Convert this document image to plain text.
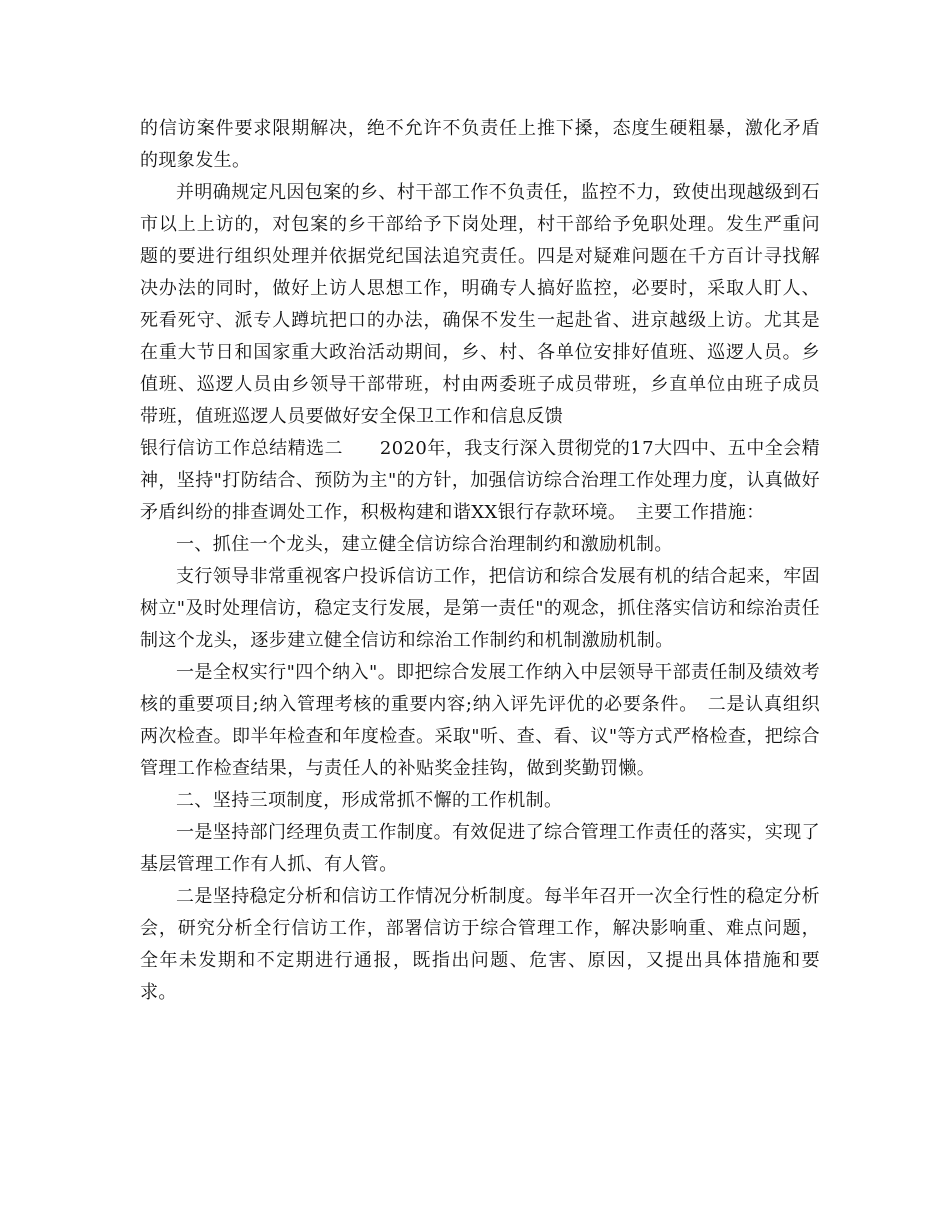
的信访案件要求限期解决，绝不允许不负责任上推下搡，态度生硬粗暴，激化矛盾的现象发生。

并明确规定凡因包案的乡、村干部工作不负责任，监控不力，致使出现越级到石市以上上访的，对包案的乡干部给予下岗处理，村干部给予免职处理。发生严重问题的要进行组织处理并依据党纪国法追究责任。四是对疑难问题在千方百计寻找解决办法的同时，做好上访人思想工作，明确专人搞好监控，必要时，采取人盯人、死看死守、派专人蹲坑把口的办法，确保不发生一起赴省、进京越级上访。尤其是在重大节日和国家重大政治活动期间，乡、村、各单位安排好值班、巡逻人员。乡值班、巡逻人员由乡领导干部带班，村由两委班子成员带班，乡直单位由班子成员带班，值班巡逻人员要做好安全保卫工作和信息反馈

银行信访工作总结精选二　　2020年，我支行深入贯彻党的17大四中、五中全会精神，坚持"打防结合、预防为主"的方针，加强信访综合治理工作处理力度，认真做好矛盾纠纷的排查调处工作，积极构建和谐XX银行存款环境。　主要工作措施：

一、抓住一个龙头，建立健全信访综合治理制约和激励机制。

支行领导非常重视客户投诉信访工作，把信访和综合发展有机的结合起来，牢固树立"及时处理信访，稳定支行发展，是第一责任"的观念，抓住落实信访和综治责任制这个龙头，逐步建立健全信访和综治工作制约和机制激励机制。

一是全权实行"四个纳入"。即把综合发展工作纳入中层领导干部责任制及绩效考核的重要项目;纳入管理考核的重要内容;纳入评先评优的必要条件。　二是认真组织两次检查。即半年检查和年度检查。采取"听、查、看、议"等方式严格检查，把综合管理工作检查结果，与责任人的补贴奖金挂钩，做到奖勤罚懒。

二、坚持三项制度，形成常抓不懈的工作机制。

一是坚持部门经理负责工作制度。有效促进了综合管理工作责任的落实，实现了基层管理工作有人抓、有人管。

二是坚持稳定分析和信访工作情况分析制度。每半年召开一次全行性的稳定分析会，研究分析全行信访工作，部署信访于综合管理工作，解决影响重、难点问题，全年未发期和不定期进行通报，既指出问题、危害、原因，又提出具体措施和要求。
